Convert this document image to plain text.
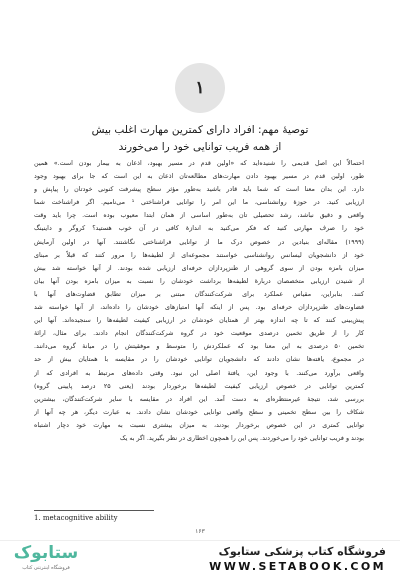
۱
توصیهٔ مهم: افراد دارای کمترین مهارت اغلب بیش
از همه فریب توانایی خود را می‌خورند
احتمالاً این اصل قدیمی را شنیده‌اید که «اولین قدم در مسیر بهبود، اذعان به بیمار بودن است.» همین
طور، اولین قدم در مسیر بهبود دادن مهارت‌های مطالعه‌تان اذعان به این است که جا برای بهبود وجود
دارد. این بدان معنا است که شما باید قادر باشید به‌طور مؤثر سطح پیشرفت کنونی خودتان را پیاپش و
ارزیابی کنید. در حوزهٔ روانشناسی، ما این امر را توانایی فراشناختی ¹ می‌نامیم. اگر فراشناخت شما
واقعی و دقیق نباشد، رشد تحصیلی تان به‌طور اساسی از همان ابتدا معیوب بوده است. چرا باید وقت
خود را صرف مهارتی کنید که فکر می‌کنید به اندازهٔ کافی در آن خوب هستید؟ کروگر و داینینگ
(۱۹۹۹) مقاله‌ای بنیادین در خصوص درک ما از توانایی فراشناختی نگاشتند. آنها در اولین آزمایش
خود از دانشجویان لیسانس روانشناسی خواستند مجموعه‌ای از لطیفه‌ها را مرور کنند که قبلاً بر مبنای
میزان بامزه بودن از سوی گروهی از طنزپردازان حرفه‌ای ارزیابی شده بودند. از آنها خواسته شد بیش
از شنیدن ارزیابی متخصصان دربارهٔ لطیفه‌ها برداشت خودشان را نسبت به میزان بامزه بودن آنها بیان
کنند. بنابراین، مقیاس عملکرد برای شرکت‌کنندگان مبتنی بر میزان تطابق قضاوت‌های آنها با
قضاوت‌های طنزپردازان حرفه‌ای بود. پس از اینکه آنها امتیازهای خودشان را داده‌اند، از آنها خواسته شد
پیش‌بینی کنند که تا چه اندازه بهتر از همتایان خودشان در ارزیابی کیفیت لطیفه‌ها را سنجیده‌اند. آنها این
کار را از طریق تخمین درصدی موقعیت خود در گروه شرکت‌کنندگان انجام دادند. برای مثال، ارائهٔ
تخمین ۵۰ درصدی به این معنا بود که عملکردش را متوسط و موفقیتش را در میانهٔ گروه می‌دانند.
در مجموع، یافته‌ها نشان دادند که دانشجویان توانایی خودشان را در مقایسه با همتایان بیش از حد
واقعی برآورد می‌کنند. با وجود این، یافتهٔ اصلی این نبود. وقتی داده‌های مرتبط به افرادی که از
کمترین توانایی در خصوص ارزیابی کیفیت لطیفه‌ها برخوردار بودند (یعنی ۲۵ درصد پایینی گروه)
بررسی شد، نتیجهٔ غیرمنتظره‌ای به دست آمد. این افراد در مقایسه با سایر شرکت‌کنندگان، بیشترین
شکاف را بین سطح تخمینی و سطح واقعی توانایی خودشان نشان دادند. به عبارت دیگر، هر چه آنها از
توانایی کمتری در این خصوص برخوردار بودند، به میزان بیشتری نسبت به مهارت خود دچار اشتباه
بودند و فریب توانایی خود را می‌خوردند. پس این را همچون اخطاری در نظر بگیرید. اگر به یک
1. metacognitive ability
۱۶۳
ستابوک
فروشگاه اینترنتی کتاب
فروشگاه کتاب پزشکی ستابوک
WWW.SETABOOK.COM
